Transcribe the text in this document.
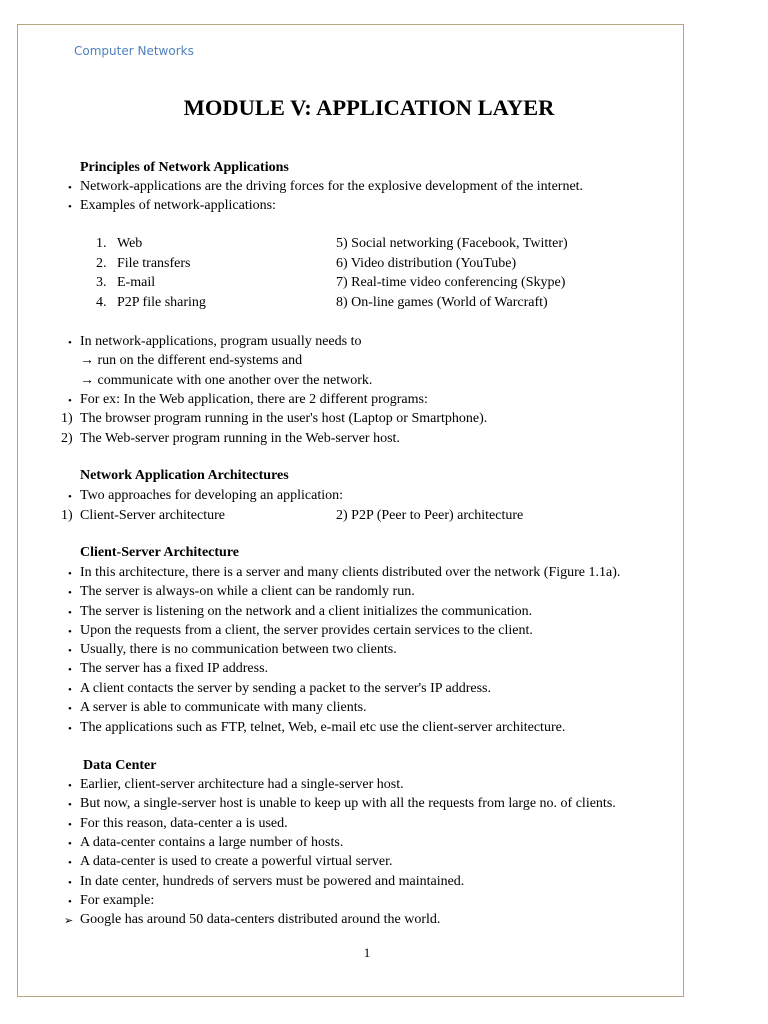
Computer Networks
MODULE V: APPLICATION LAYER
Principles of Network Applications
• Network-applications are the driving forces for the explosive development of the internet.
• Examples of network-applications:
1. Web	5) Social networking (Facebook, Twitter)
2. File transfers	6) Video distribution (YouTube)
3. E-mail	7) Real-time video conferencing (Skype)
4. P2P file sharing	8) On-line games (World of Warcraft)
• In network-applications, program usually needs to
→ run on the different end-systems and
→ communicate with one another over the network.
• For ex: In the Web application, there are 2 different programs:
1) The browser program running in the user's host (Laptop or Smartphone).
2) The Web-server program running in the Web-server host.
Network Application Architectures
• Two approaches for developing an application:
1) Client-Server architecture	2) P2P (Peer to Peer) architecture
Client-Server Architecture
• In this architecture, there is a server and many clients distributed over the network (Figure 1.1a).
• The server is always-on while a client can be randomly run.
• The server is listening on the network and a client initializes the communication.
• Upon the requests from a client, the server provides certain services to the client.
• Usually, there is no communication between two clients.
• The server has a fixed IP address.
• A client contacts the server by sending a packet to the server's IP address.
• A server is able to communicate with many clients.
• The applications such as FTP, telnet, Web, e-mail etc use the client-server architecture.
Data Center
• Earlier, client-server architecture had a single-server host.
• But now, a single-server host is unable to keep up with all the requests from large no. of clients.
• For this reason, data-center a is used.
• A data-center contains a large number of hosts.
• A data-center is used to create a powerful virtual server.
• In date center, hundreds of servers must be powered and maintained.
• For example:
➢ Google has around 50 data-centers distributed around the world.
1
